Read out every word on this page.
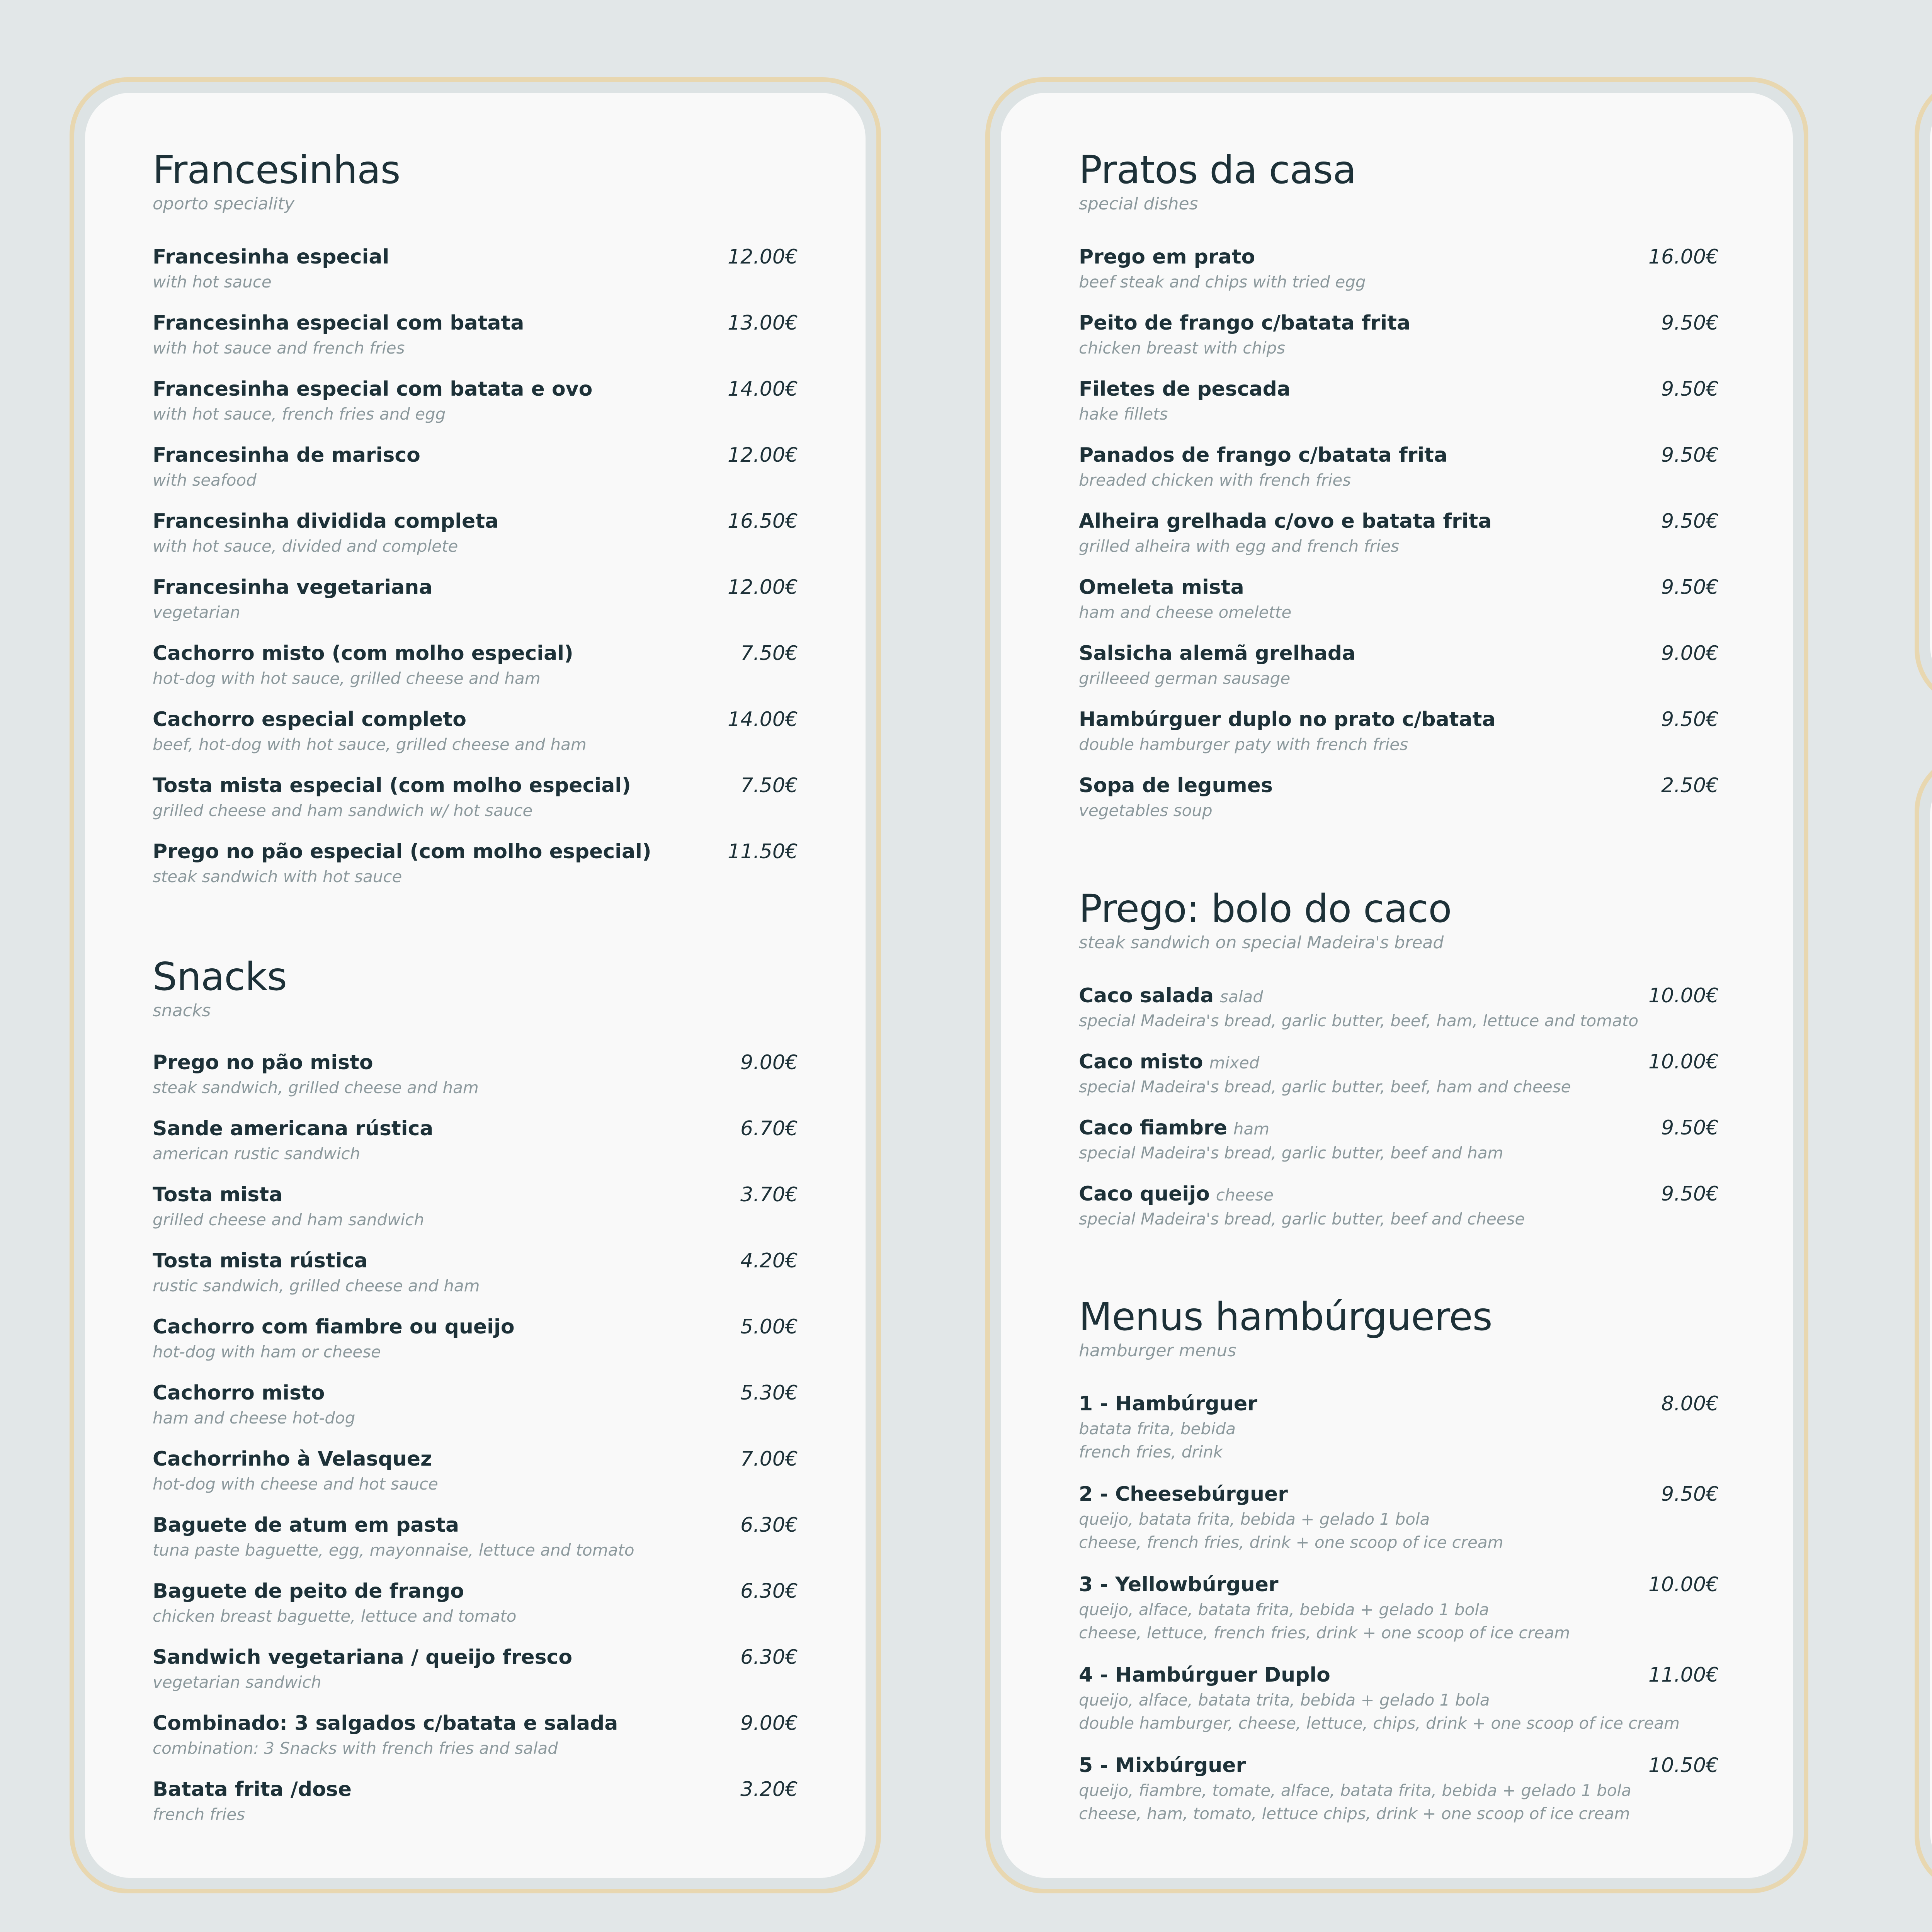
Francesinhas
oporto speciality
Francesinha especial	12.00€
with hot sauce
Francesinha especial com batata	13.00€
with hot sauce and french fries
Francesinha especial com batata e ovo	14.00€
with hot sauce, french fries and egg
Francesinha de marisco	12.00€
with seafood
Francesinha dividida completa	16.50€
with hot sauce, divided and complete
Francesinha vegetariana	12.00€
vegetarian
Cachorro misto (com molho especial)	7.50€
hot-dog with hot sauce, grilled cheese and ham
Cachorro especial completo	14.00€
beef, hot-dog with hot sauce, grilled cheese and ham
Tosta mista especial (com molho especial)	7.50€
grilled cheese and ham sandwich w/ hot sauce
Prego no pão especial (com molho especial)	11.50€
steak sandwich with hot sauce
Snacks
snacks
Prego no pão misto	9.00€
steak sandwich, grilled cheese and ham
Sande americana rústica	6.70€
american rustic sandwich
Tosta mista	3.70€
grilled cheese and ham sandwich
Tosta mista rústica	4.20€
rustic sandwich, grilled cheese and ham
Cachorro com fiambre ou queijo	5.00€
hot-dog with ham or cheese
Cachorro misto	5.30€
ham and cheese hot-dog
Cachorrinho à Velasquez	7.00€
hot-dog with cheese and hot sauce
Baguete de atum em pasta	6.30€
tuna paste baguette, egg, mayonnaise, lettuce and tomato
Baguete de peito de frango	6.30€
chicken breast baguette, lettuce and tomato
Sandwich vegetariana / queijo fresco	6.30€
vegetarian sandwich
Combinado: 3 salgados c/batata e salada	9.00€
combination: 3 Snacks with french fries and salad
Batata frita /dose	3.20€
french fries
Pratos da casa
special dishes
Prego em prato	16.00€
beef steak and chips with tried egg
Peito de frango c/batata frita	9.50€
chicken breast with chips
Filetes de pescada	9.50€
hake fillets
Panados de frango c/batata frita	9.50€
breaded chicken with french fries
Alheira grelhada c/ovo e batata frita	9.50€
grilled alheira with egg and french fries
Omeleta mista	9.50€
ham and cheese omelette
Salsicha alemã grelhada	9.00€
grilleeed german sausage
Hambúrguer duplo no prato c/batata	9.50€
double hamburger paty with french fries
Sopa de legumes	2.50€
vegetables soup
Prego: bolo do caco
steak sandwich on special Madeira's bread
Caco salada salad	10.00€
special Madeira's bread, garlic butter, beef, ham, lettuce and tomato
Caco misto mixed	10.00€
special Madeira's bread, garlic butter, beef, ham and cheese
Caco fiambre ham	9.50€
special Madeira's bread, garlic butter, beef and ham
Caco queijo cheese	9.50€
special Madeira's bread, garlic butter, beef and cheese
Menus hambúrgueres
hamburger menus
1 - Hambúrguer	8.00€
batata frita, bebida
french fries, drink
2 - Cheesebúrguer	9.50€
queijo, batata frita, bebida + gelado 1 bola
cheese, french fries, drink + one scoop of ice cream
3 - Yellowbúrguer	10.00€
queijo, alface, batata frita, bebida + gelado 1 bola
cheese, lettuce, french fries, drink + one scoop of ice cream
4 - Hambúrguer Duplo	11.00€
queijo, alface, batata trita, bebida + gelado 1 bola
double hamburger, cheese, lettuce, chips, drink + one scoop of ice cream
5 - Mixbúrguer	10.50€
queijo, fiambre, tomate, alface, batata frita, bebida + gelado 1 bola
cheese, ham, tomato, lettuce chips, drink + one scoop of ice cream
